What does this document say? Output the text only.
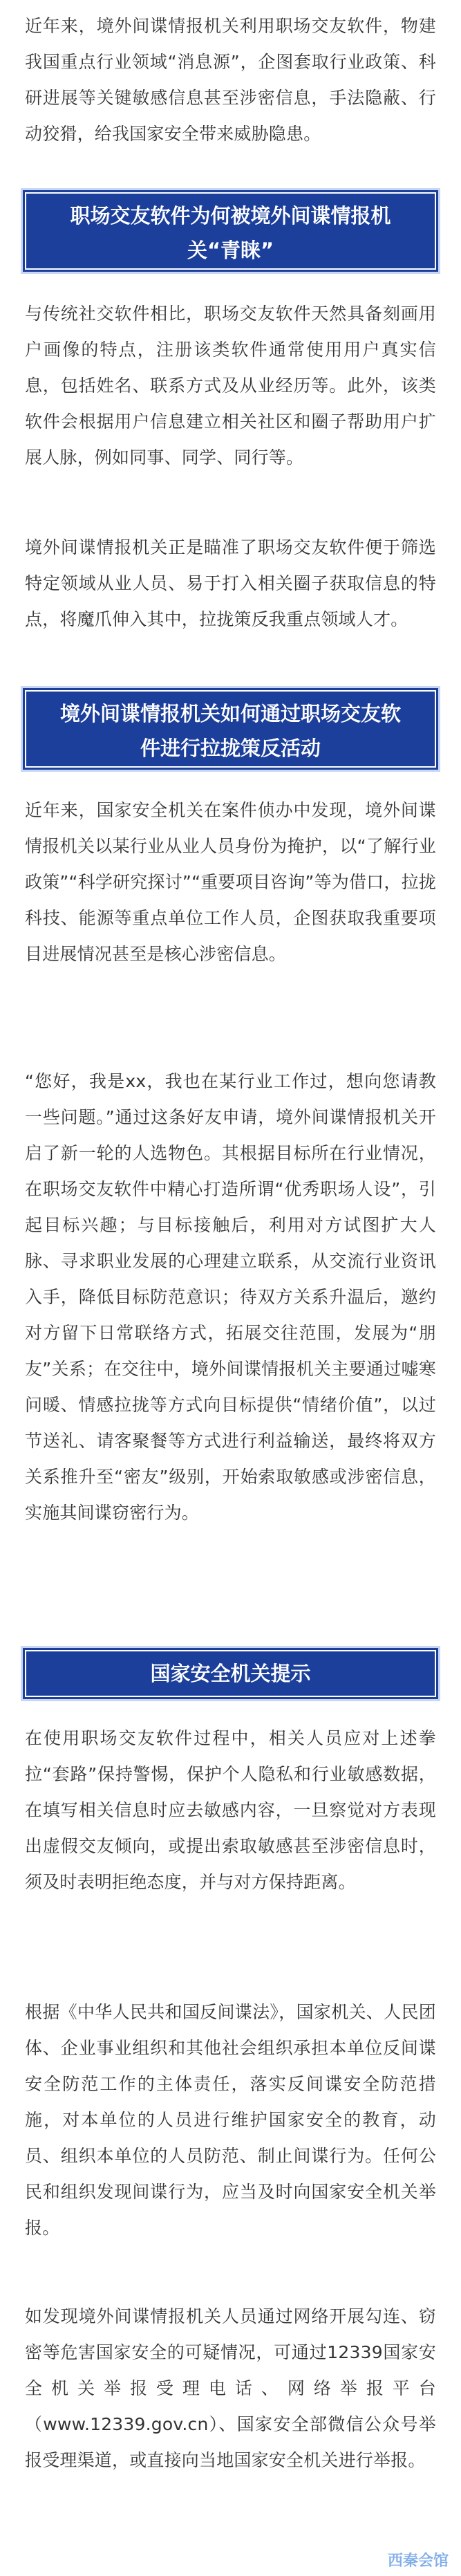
近年来，境外间谍情报机关利用职场交友软件，物建我国重点行业领域“消息源”，企图套取行业政策、科研进展等关键敏感信息甚至涉密信息，手法隐蔽、行动狡猾，给我国家安全带来威胁隐患。

职场交友软件为何被境外间谍情报机关“青睐”

与传统社交软件相比，职场交友软件天然具备刻画用户画像的特点，注册该类软件通常使用用户真实信息，包括姓名、联系方式及从业经历等。此外，该类软件会根据用户信息建立相关社区和圈子帮助用户扩展人脉，例如同事、同学、同行等。

境外间谍情报机关正是瞄准了职场交友软件便于筛选特定领域从业人员、易于打入相关圈子获取信息的特点，将魔爪伸入其中，拉拢策反我重点领域人才。

境外间谍情报机关如何通过职场交友软件进行拉拢策反活动

近年来，国家安全机关在案件侦办中发现，境外间谍情报机关以某行业从业人员身份为掩护，以“了解行业政策”“科学研究探讨”“重要项目咨询”等为借口，拉拢科技、能源等重点单位工作人员，企图获取我重要项目进展情况甚至是核心涉密信息。

“您好，我是xx，我也在某行业工作过，想向您请教一些问题。”通过这条好友申请，境外间谍情报机关开启了新一轮的人选物色。其根据目标所在行业情况，在职场交友软件中精心打造所谓“优秀职场人设”，引起目标兴趣；与目标接触后，利用对方试图扩大人脉、寻求职业发展的心理建立联系，从交流行业资讯入手，降低目标防范意识；待双方关系升温后，邀约对方留下日常联络方式，拓展交往范围，发展为“朋友”关系；在交往中，境外间谍情报机关主要通过嘘寒问暖、情感拉拢等方式向目标提供“情绪价值”，以过节送礼、请客聚餐等方式进行利益输送，最终将双方关系推升至“密友”级别，开始索取敏感或涉密信息，实施其间谍窃密行为。

国家安全机关提示

在使用职场交友软件过程中，相关人员应对上述拳拉“套路”保持警惕，保护个人隐私和行业敏感数据，在填写相关信息时应去敏感内容，一旦察觉对方表现出虚假交友倾向，或提出索取敏感甚至涉密信息时，须及时表明拒绝态度，并与对方保持距离。

根据《中华人民共和国反间谍法》，国家机关、人民团体、企业事业组织和其他社会组织承担本单位反间谍安全防范工作的主体责任，落实反间谍安全防范措施，对本单位的人员进行维护国家安全的教育，动员、组织本单位的人员防范、制止间谍行为。任何公民和组织发现间谍行为，应当及时向国家安全机关举报。

如发现境外间谍情报机关人员通过网络开展勾连、窃密等危害国家安全的可疑情况，可通过12339国家安全机关举报受理电话、网络举报平台（www.12339.gov.cn）、国家安全部微信公众号举报受理渠道，或直接向当地国家安全机关进行举报。

西秦会馆
